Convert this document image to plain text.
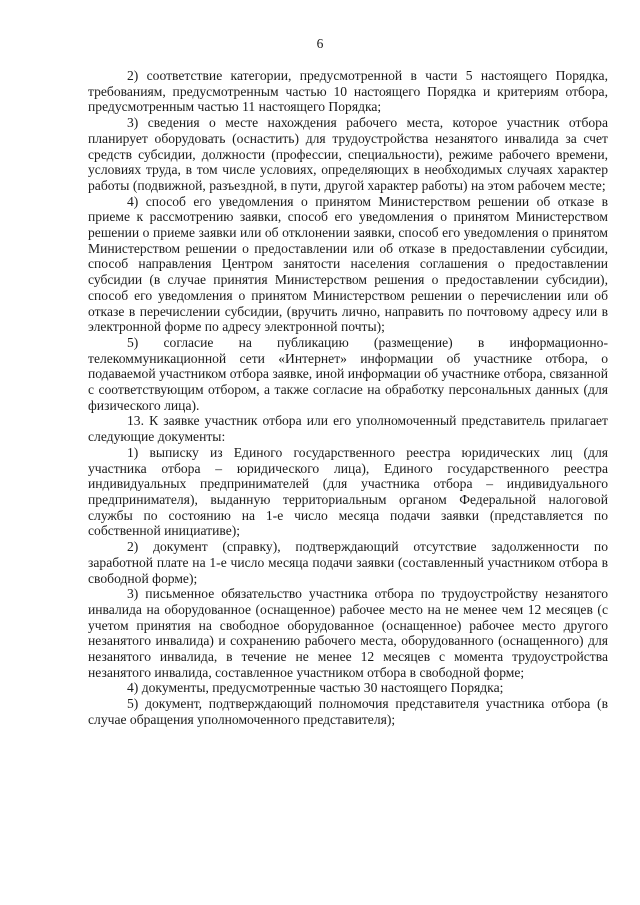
6

2) соответствие категории, предусмотренной в части 5 настоящего Порядка, требованиям, предусмотренным частью 10 настоящего Порядка и критериям отбора, предусмотренным частью 11 настоящего Порядка;

3) сведения о месте нахождения рабочего места, которое участник отбора планирует оборудовать (оснастить) для трудоустройства незанятого инвалида за счет средств субсидии, должности (профессии, специальности), режиме рабочего времени, условиях труда, в том числе условиях, определяющих в необходимых случаях характер работы (подвижной, разъездной, в пути, другой характер работы) на этом рабочем месте;

4) способ его уведомления о принятом Министерством решении об отказе в приеме к рассмотрению заявки, способ его уведомления о принятом Министерством решении о приеме заявки или об отклонении заявки, способ его уведомления о принятом Министерством решении о предоставлении или об отказе в предоставлении субсидии, способ направления Центром занятости населения соглашения о предоставлении субсидии (в случае принятия Министерством решения о предоставлении субсидии), способ его уведомления о принятом Министерством решении о перечислении или об отказе в перечислении субсидии, (вручить лично, направить по почтовому адресу или в электронной форме по адресу электронной почты);

5) согласие на публикацию (размещение) в информационно-телекоммуникационной сети «Интернет» информации об участнике отбора, о подаваемой участником отбора заявке, иной информации об участнике отбора, связанной с соответствующим отбором, а также согласие на обработку персональных данных (для физического лица).

13. К заявке участник отбора или его уполномоченный представитель прилагает следующие документы:

1) выписку из Единого государственного реестра юридических лиц (для участника отбора – юридического лица), Единого государственного реестра индивидуальных предпринимателей (для участника отбора – индивидуального предпринимателя), выданную территориальным органом Федеральной налоговой службы по состоянию на 1-е число месяца подачи заявки (представляется по собственной инициативе);

2) документ (справку), подтверждающий отсутствие задолженности по заработной плате на 1-е число месяца подачи заявки (составленный участником отбора в свободной форме);

3) письменное обязательство участника отбора по трудоустройству незанятого инвалида на оборудованное (оснащенное) рабочее место на не менее чем 12 месяцев (с учетом принятия на свободное оборудованное (оснащенное) рабочее место другого незанятого инвалида) и сохранению рабочего места, оборудованного (оснащенного) для незанятого инвалида, в течение не менее 12 месяцев с момента трудоустройства незанятого инвалида, составленное участником отбора в свободной форме;

4) документы, предусмотренные частью 30 настоящего Порядка;

5) документ, подтверждающий полномочия представителя участника отбора (в случае обращения уполномоченного представителя);
